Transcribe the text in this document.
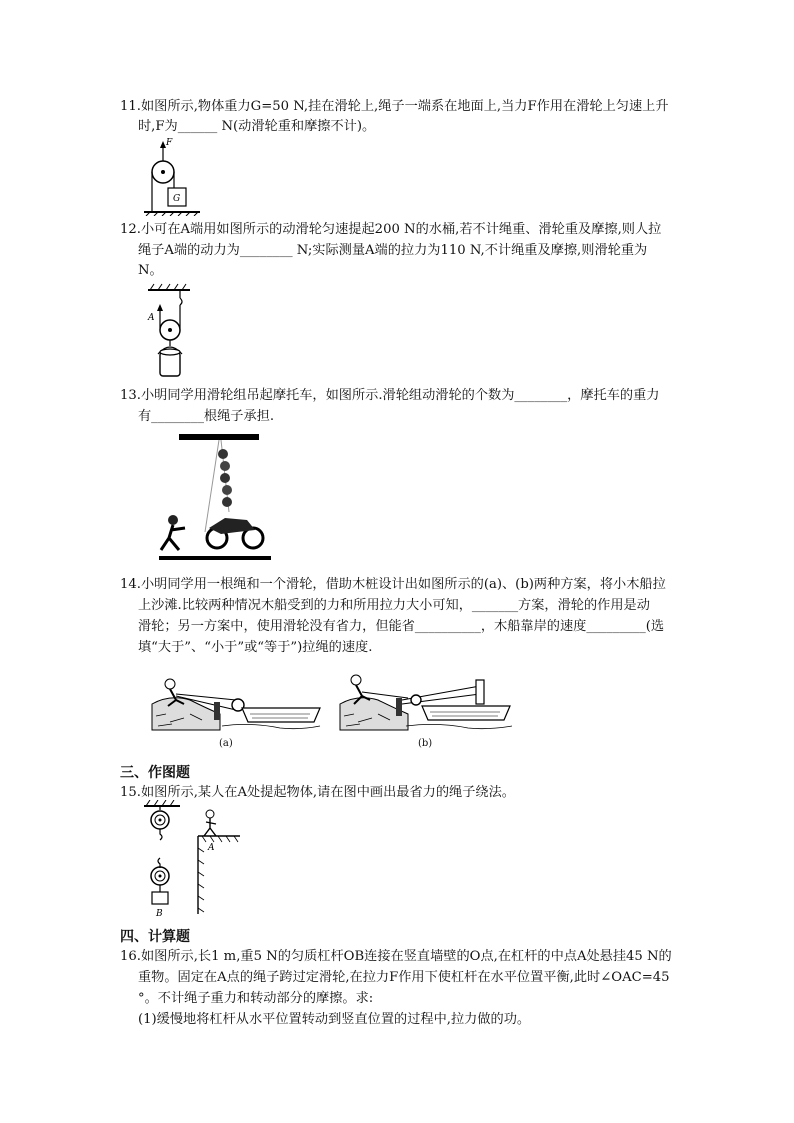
11.如图所示,物体重力G=50 N,挂在滑轮上,绳子一端系在地面上,当力F作用在滑轮上匀速上升
时,F为______ N(动滑轮重和摩擦不计)。
F
G
12.小可在A端用如图所示的动滑轮匀速提起200 N的水桶,若不计绳重、滑轮重及摩擦,则人拉
绳子A端的动力为________ N;实际测量A端的拉力为110 N,不计绳重及摩擦,则滑轮重为
N。
A
13.小明同学用滑轮组吊起摩托车，如图所示.滑轮组动滑轮的个数为________，摩托车的重力
有________根绳子承担.
14.小明同学用一根绳和一个滑轮，借助木桩设计出如图所示的(a)、(b)两种方案，将小木船拉
上沙滩.比较两种情况木船受到的力和所用拉力大小可知，_______方案，滑轮的作用是动
滑轮；另一方案中，使用滑轮没有省力，但能省__________，木船靠岸的速度_________(选
填“大于”、“小于”或“等于”)拉绳的速度.
(a)	(b)
三、作图题
15.如图所示,某人在A处提起物体,请在图中画出最省力的绳子绕法。
B
A
四、计算题
16.如图所示,长1 m,重5 N的匀质杠杆OB连接在竖直墙壁的O点,在杠杆的中点A处悬挂45 N的
重物。固定在A点的绳子跨过定滑轮,在拉力F作用下使杠杆在水平位置平衡,此时∠OAC=45
°。不计绳子重力和转动部分的摩擦。求:
(1)缓慢地将杠杆从水平位置转动到竖直位置的过程中,拉力做的功。
